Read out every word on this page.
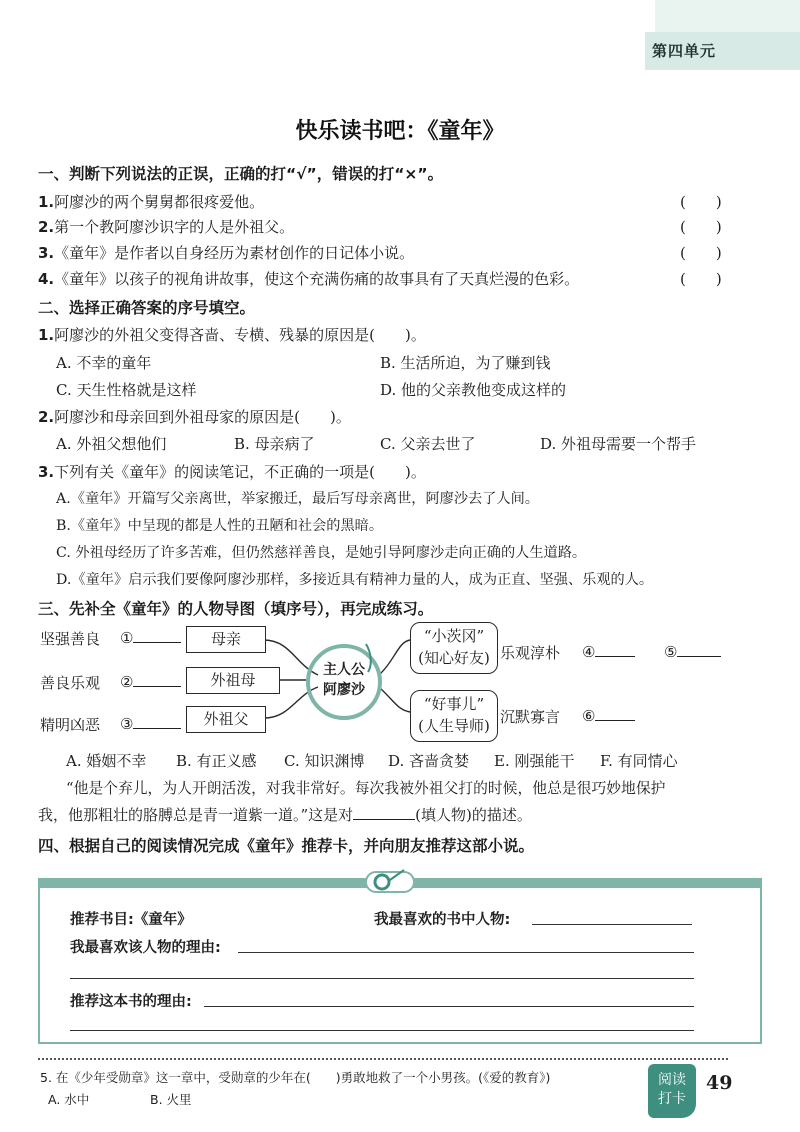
第四单元
快乐读书吧：《童年》
一、判断下列说法的正误，正确的打“√”，错误的打“×”。
1.阿廖沙的两个舅舅都很疼爱他。	(　　)
2.第一个教阿廖沙识字的人是外祖父。	(　　)
3.《童年》是作者以自身经历为素材创作的日记体小说。	(　　)
4.《童年》以孩子的视角讲故事，使这个充满伤痛的故事具有了天真烂漫的色彩。	(　　)
二、选择正确答案的序号填空。
1.阿廖沙的外祖父变得吝啬、专横、残暴的原因是(　　)。
A. 不幸的童年	B. 生活所迫，为了赚到钱
C. 天生性格就是这样	D. 他的父亲教他变成这样的
2.阿廖沙和母亲回到外祖母家的原因是(　　)。
A. 外祖父想他们	B. 母亲病了	C. 父亲去世了	D. 外祖母需要一个帮手
3.下列有关《童年》的阅读笔记，不正确的一项是(　　)。
A.《童年》开篇写父亲离世，举家搬迁，最后写母亲离世，阿廖沙去了人间。
B.《童年》中呈现的都是人性的丑陋和社会的黑暗。
C. 外祖母经历了许多苦难，但仍然慈祥善良，是她引导阿廖沙走向正确的人生道路。
D.《童年》启示我们要像阿廖沙那样，多接近具有精神力量的人，成为正直、坚强、乐观的人。
三、先补全《童年》的人物导图（填序号），再完成练习。
主人公
阿廖沙
坚强善良 ①	母亲
善良乐观 ②	外祖母
精明凶恶 ③	外祖父
“小茨冈”
(知心好友) 乐观淳朴 ④	⑤
“好事儿”
(人生导师) 沉默寡言 ⑥
A. 婚姻不幸 B. 有正义感 C. 知识渊博 D. 吝啬贪婪 E. 刚强能干 F. 有同情心
“他是个弃儿，为人开朗活泼，对我非常好。每次我被外祖父打的时候，他总是很巧妙地保护
我，他那粗壮的胳膊总是青一道紫一道。”这是对	(填人物)的描述。
四、根据自己的阅读情况完成《童年》推荐卡，并向朋友推荐这部小说。
推荐书目:《童年》	我最喜欢的书中人物:
我最喜欢该人物的理由:
推荐这本书的理由:
5. 在《少年受勋章》这一章中，受勋章的少年在(　　)勇敢地救了一个小男孩。(《爱的教育》)
A. 水中	B. 火里
阅读
打卡
49
